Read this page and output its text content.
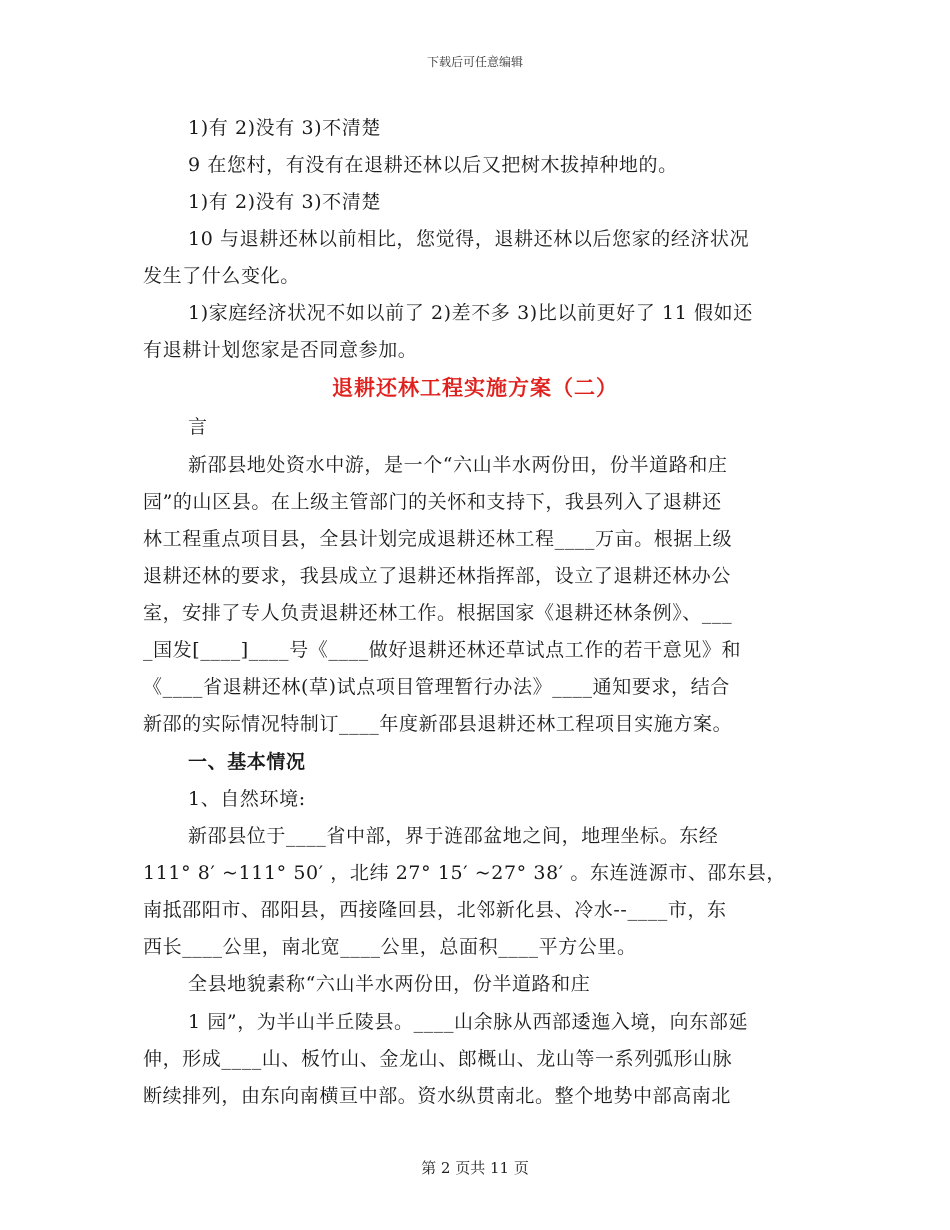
下载后可任意编辑
1)有 2)没有 3)不清楚
9 在您村，有没有在退耕还林以后又把树木拔掉种地的。
1)有 2)没有 3)不清楚
10 与退耕还林以前相比，您觉得，退耕还林以后您家的经济状况
发生了什么变化。
1)家庭经济状况不如以前了 2)差不多 3)比以前更好了 11 假如还
有退耕计划您家是否同意参加。
退耕还林工程实施方案（二）
言
新邵县地处资水中游，是一个“六山半水两份田，份半道路和庄
园”的山区县。在上级主管部门的关怀和支持下，我县列入了退耕还
林工程重点项目县，全县计划完成退耕还林工程____万亩。根据上级
退耕还林的要求，我县成立了退耕还林指挥部，设立了退耕还林办公
室，安排了专人负责退耕还林工作。根据国家《退耕还林条例》、___
_国发[____]____号《____做好退耕还林还草试点工作的若干意见》和
《____省退耕还林(草)试点项目管理暂行办法》____通知要求，结合
新邵的实际情况特制订____年度新邵县退耕还林工程项目实施方案。
一、基本情况
1、自然环境:
新邵县位于____省中部，界于涟邵盆地之间，地理坐标。东经
111° 8′ ~111° 50′ ，北纬 27° 15′ ~27° 38′ 。东连涟源市、邵东县，
南抵邵阳市、邵阳县，西接隆回县，北邻新化县、冷水--____市，东
西长____公里，南北宽____公里，总面积____平方公里。
全县地貌素称“六山半水两份田，份半道路和庄
1 园”，为半山半丘陵县。____山余脉从西部逶迤入境，向东部延
伸，形成____山、板竹山、金龙山、郎概山、龙山等一系列弧形山脉
断续排列，由东向南横亘中部。资水纵贯南北。整个地势中部高南北
第 2 页共 11 页
